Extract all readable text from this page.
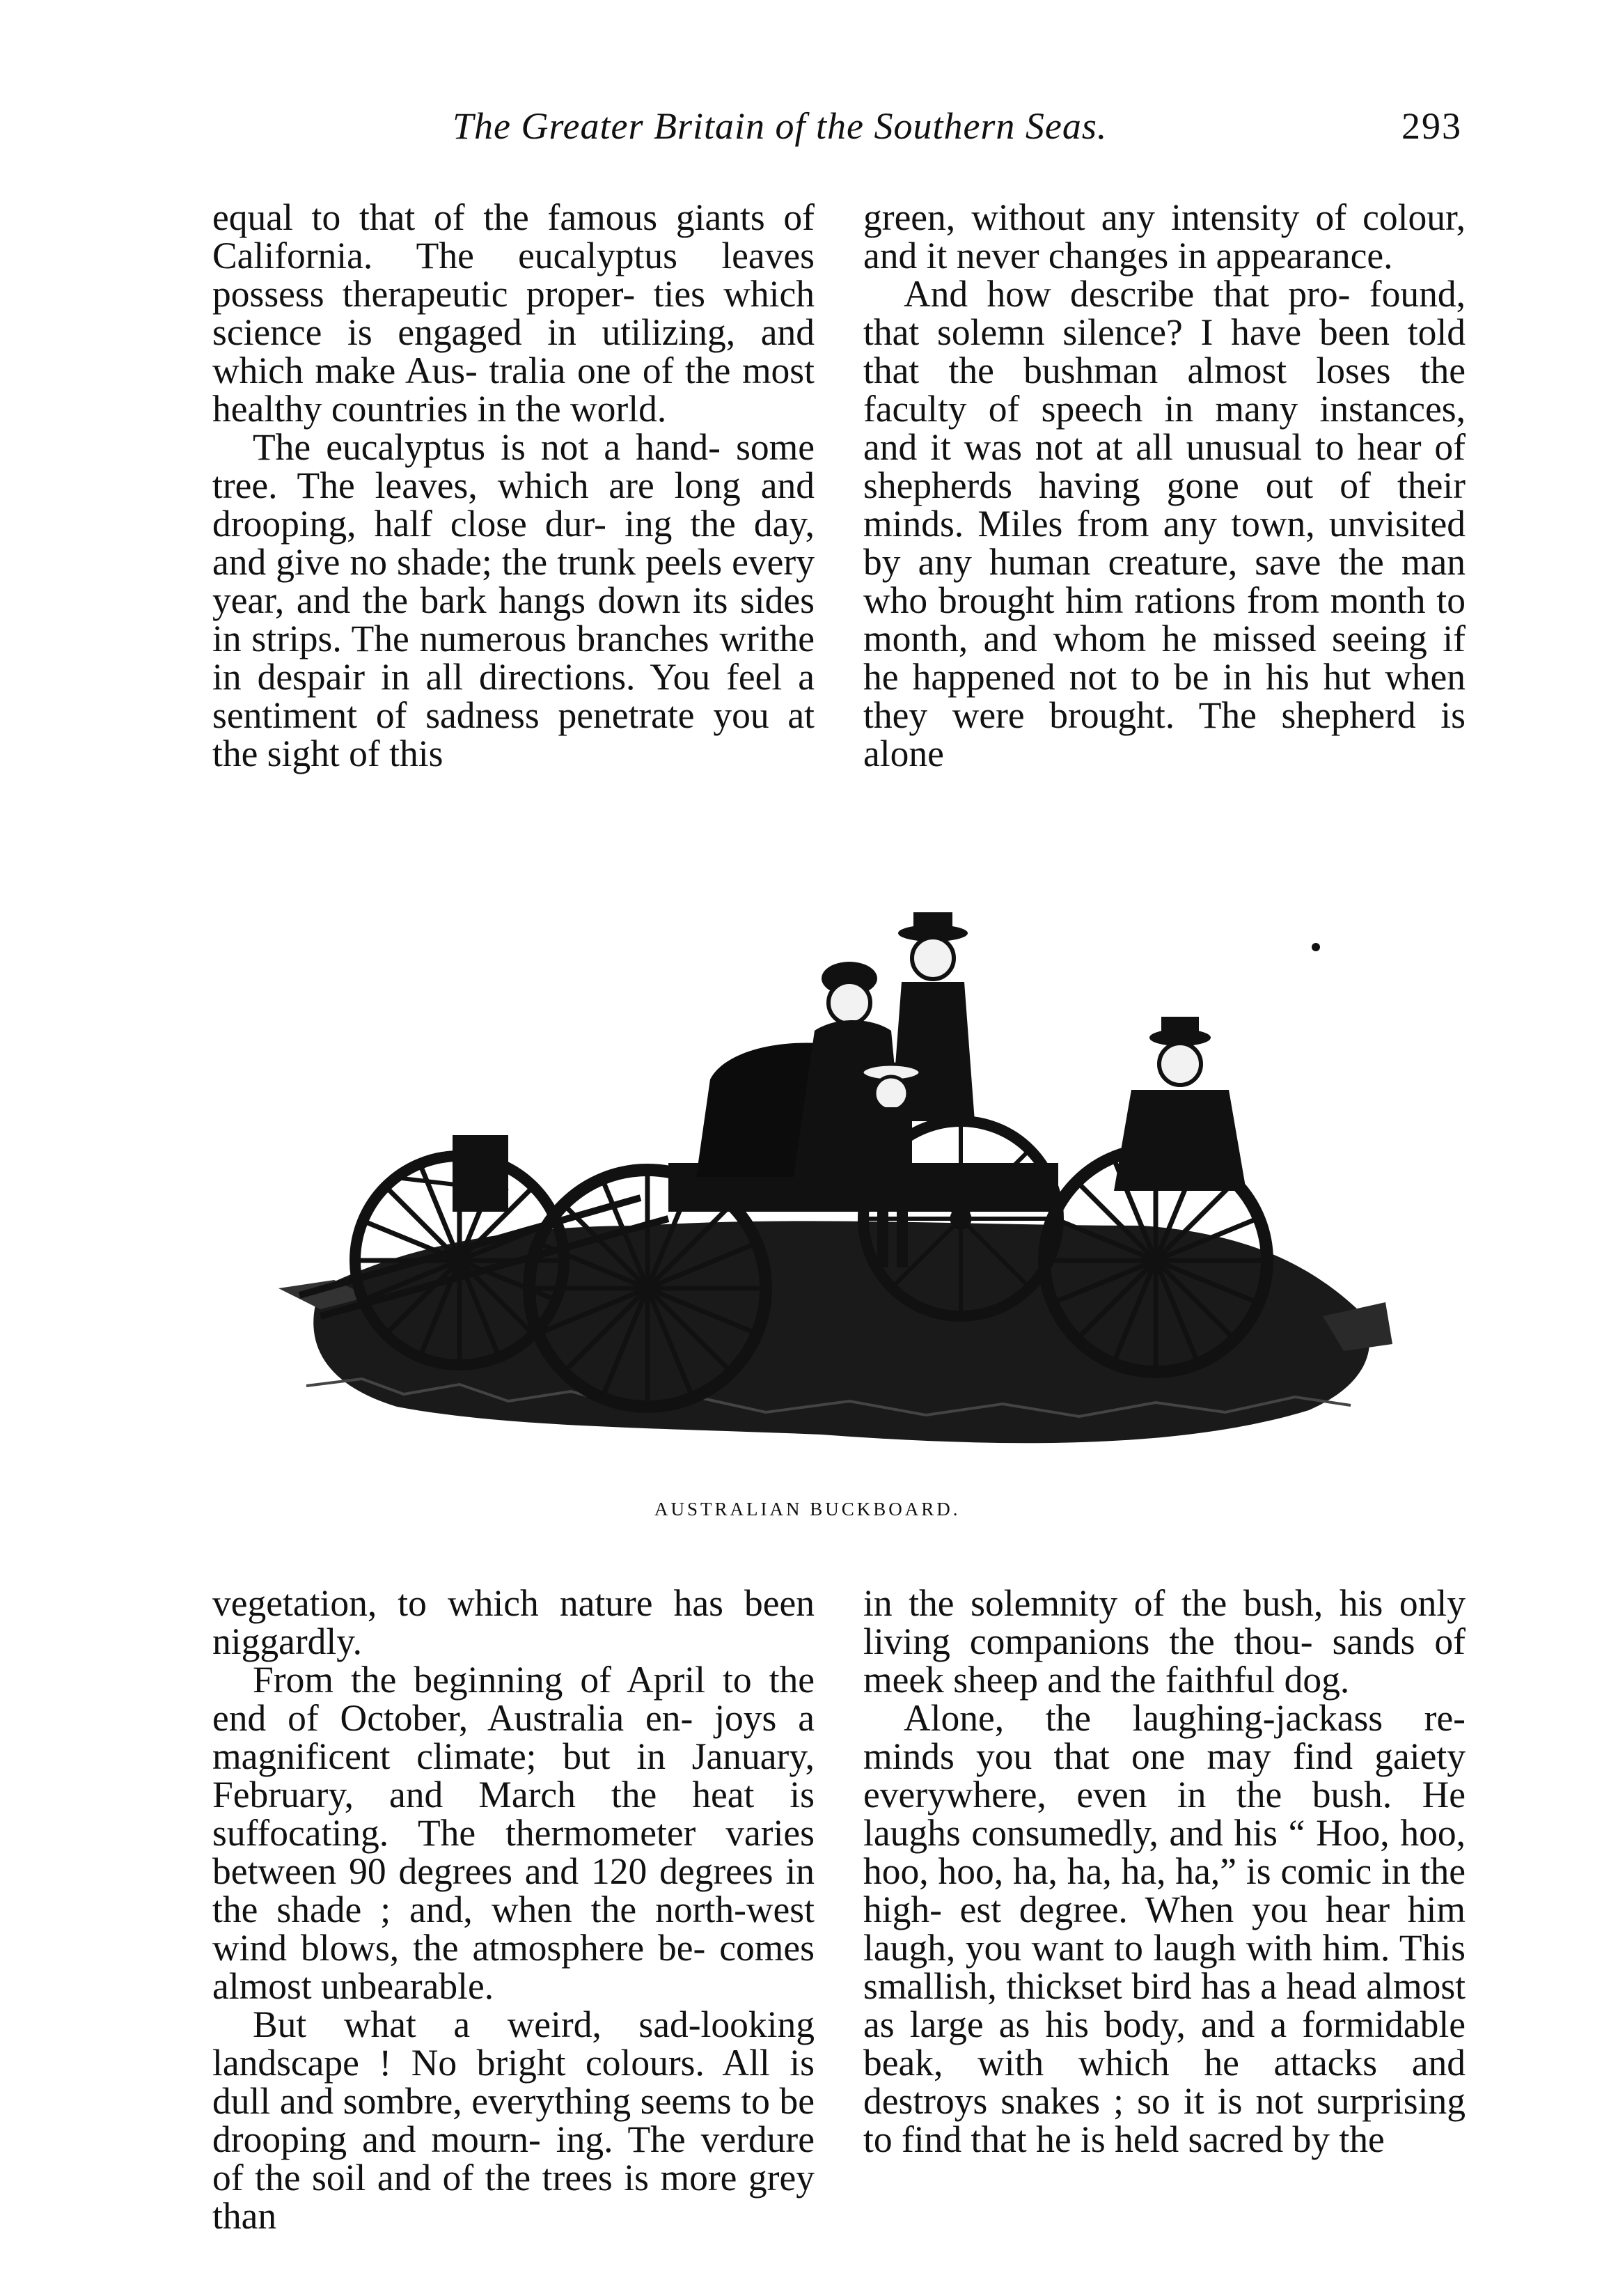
The Greater Britain of the Southern Seas.	293

equal to that of the famous giants of California. The eucalyptus leaves possess therapeutic proper- ties which science is engaged in utilizing, and which make Aus- tralia one of the most healthy countries in the world.

The eucalyptus is not a hand- some tree. The leaves, which are long and drooping, half close dur- ing the day, and give no shade; the trunk peels every year, and the bark hangs down its sides in strips. The numerous branches writhe in despair in all directions. You feel a sentiment of sadness penetrate you at the sight of this

green, without any intensity of colour, and it never changes in appearance.

And how describe that pro- found, that solemn silence? I have been told that the bushman almost loses the faculty of speech in many instances, and it was not at all unusual to hear of shepherds having gone out of their minds. Miles from any town, unvisited by any human creature, save the man who brought him rations from month to month, and whom he missed seeing if he happened not to be in his hut when they were brought. The shepherd is alone

AUSTRALIAN BUCKBOARD.

vegetation, to which nature has been niggardly.

From the beginning of April to the end of October, Australia en- joys a magnificent climate; but in January, February, and March the heat is suffocating. The thermometer varies between 90 degrees and 120 degrees in the shade ; and, when the north-west wind blows, the atmosphere be- comes almost unbearable.

But what a weird, sad-looking landscape ! No bright colours. All is dull and sombre, everything seems to be drooping and mourn- ing. The verdure of the soil and of the trees is more grey than

in the solemnity of the bush, his only living companions the thou- sands of meek sheep and the faithful dog.

Alone, the laughing-jackass re- minds you that one may find gaiety everywhere, even in the bush. He laughs consumedly, and his “ Hoo, hoo, hoo, hoo, ha, ha, ha, ha,” is comic in the high- est degree. When you hear him laugh, you want to laugh with him. This smallish, thickset bird has a head almost as large as his body, and a formidable beak, with which he attacks and destroys snakes ; so it is not surprising to find that he is held sacred by the
